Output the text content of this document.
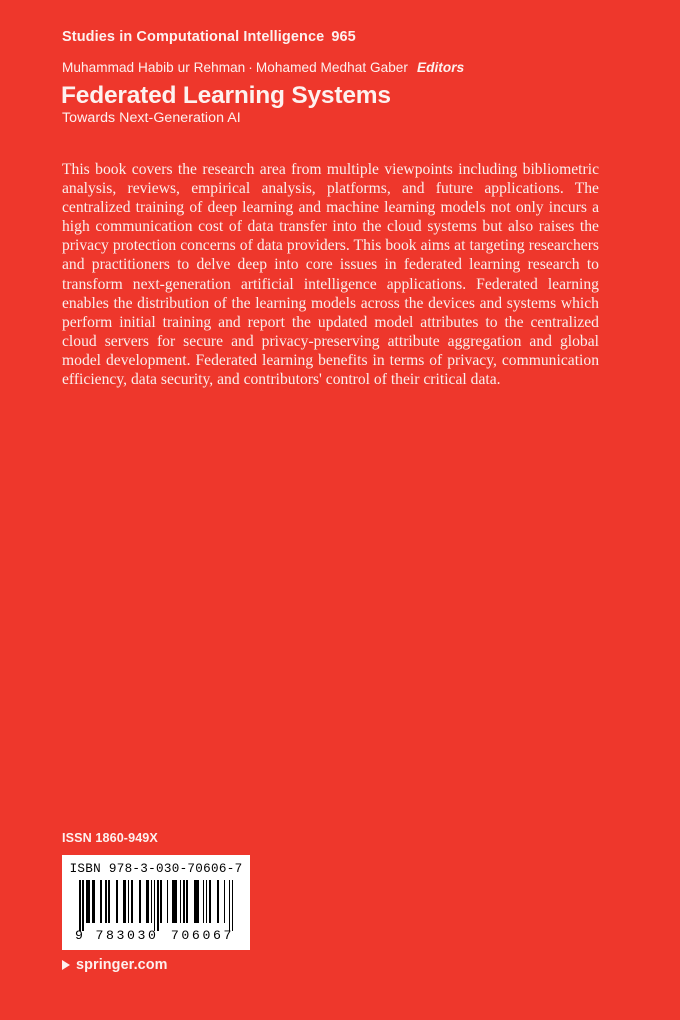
Studies in Computational Intelligence 965
Muhammad Habib ur Rehman · Mohamed Medhat Gaber Editors
Federated Learning Systems
Towards Next-Generation AI
This book covers the research area from multiple viewpoints including bibliometric analysis, reviews, empirical analysis, platforms, and future applications. The centralized training of deep learning and machine learning models not only incurs a high communication cost of data transfer into the cloud systems but also raises the privacy protection concerns of data providers. This book aims at targeting researchers and practitioners to delve deep into core issues in federated learning research to transform next-generation artificial intelligence applications. Federated learning enables the distribution of the learning models across the devices and systems which perform initial training and report the updated model attributes to the centralized cloud servers for secure and privacy-preserving attribute aggregation and global model development. Federated learning benefits in terms of privacy, communication efficiency, data security, and contributors' control of their critical data.
ISSN 1860-949X
ISBN 978-3-030-70606-7
9 783030 706067
springer.com
